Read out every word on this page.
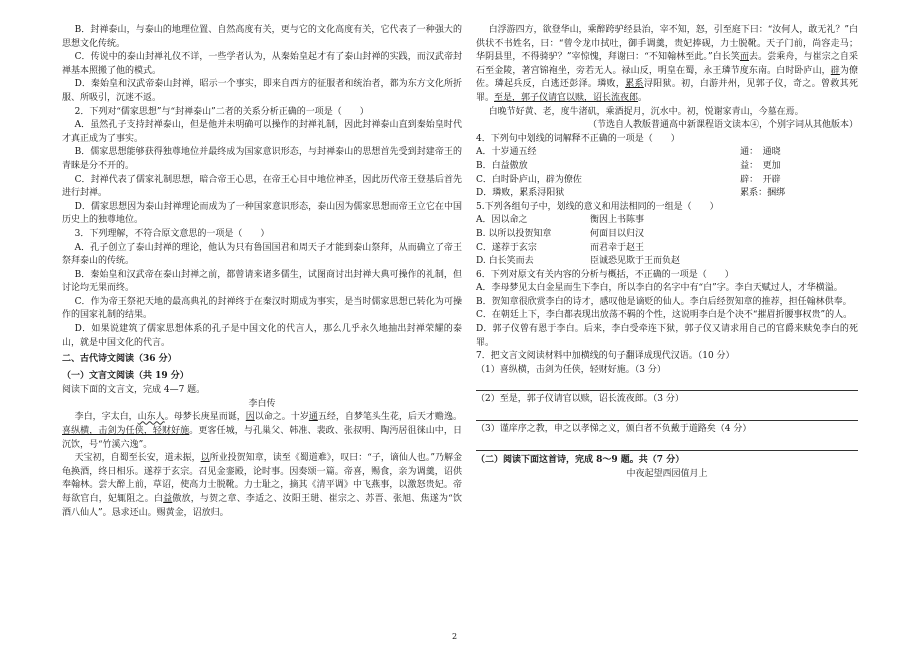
B．封禅泰山，与泰山的地理位置、自然高度有关，更与它的文化高度有关，它代表了一种强大的思想文化传统。

C．传说中的泰山封禅礼仪不详，一些学者认为，从秦始皇起才有了泰山封禅的实践，而汉武帝封禅基本照搬了他的模式。

D．秦始皇和汉武帝泰山封禅，昭示一个事实，即来自西方的征服者和统治者，都为东方文化所折服、所吸引，沉迷不返。

2．下列对“儒家思想”与“封禅泰山”二者的关系分析正确的一项是（　　）

A．虽然孔子支持封禅泰山，但是他并未明确可以操作的封禅礼制，因此封禅泰山直到秦始皇时代才真正成为了事实。

B．儒家思想能够获得独尊地位并最终成为国家意识形态，与封禅泰山的思想首先受到封建帝王的青睐是分不开的。

C．封禅代表了儒家礼制思想，暗合帝王心思，在帝王心目中地位神圣，因此历代帝王登基后首先进行封禅。

D．儒家思想因为泰山封禅理论而成为了一种国家意识形态，泰山因为儒家思想而帝王立它在中国历史上的独尊地位。

3．下列理解，不符合原文意思的一项是（　　）

A．孔子创立了泰山封禅的理论，他认为只有鲁国国君和周天子才能到泰山祭拜，从而确立了帝王祭拜泰山的传统。

B．秦始皇和汉武帝在泰山封禅之前，都曾请来诸多儒生，试图商讨出封禅大典可操作的礼制，但讨论均无果而终。

C．作为帝王祭祀天地的最高典礼的封禅终于在秦汉时期成为事实，是当时儒家思想已转化为可操作的国家礼制的结果。

D．如果说建筑了儒家思想体系的孔子是中国文化的代言人，那么几乎永久地抽出封禅荣耀的泰山，就是中国文化的代言。

二、古代诗文阅读（36 分）

（一）文言文阅读（共 19 分）

阅读下面的文言文，完成 4—7 题。

李白传

李白，字太白，山东人。母梦长庚星而诞，因以命之。十岁通五经，自梦笔头生花，后天才赡逸。喜纵横，击剑为任侠，轻财好施。更客任城，与孔巢父、韩准、裴政、张叔明、陶沔居徂徕山中，日沉饮，号“竹溪六逸”。

天宝初，自蜀至长安，道未振，以所业投贺知章，读至《蜀道难》，叹曰：“子，谪仙人也。”乃解金龟换酒，终日相乐。遂荐于玄宗。召见金銮殿，论时事。因奏颂一篇。帝喜，赐食，亲为调羹，诏供奉翰林。尝大醉上前，草诏，使高力士脱靴。力士耻之，摘其《清平调》中飞燕事，以激怒贵妃。帝每欲官白，妃辄阻之。白益傲放，与贺之章、李适之、汝阳王琎、崔宗之、苏晋、张旭、焦遂为“饮酒八仙人”。恳求还山。赐黄金，诏放归。

白浮游四方，欲登华山，乘醉跨驴经县治，宰不知，怒，引至庭下曰：“汝何人，敢无礼？”白供状不书姓名，曰：“曾令龙巾拭吐，御手调羹，贵妃捧砚，力士脱靴。天子门前，尚容走马；华阴县里，不得骑驴？”宰惊愧，拜谢曰：“不知翰林至此。”白长笑而去。尝乘舟，与崔宗之自采石至金陵，著宫锦袍坐，旁若无人。禄山反，明皇在蜀，永王璘节度东南。白时卧庐山，辟为僚佐。璘起兵反，白逃还彭泽。璘败，累系浔阳狱。初，白游并州，见郭子仪，奇之。曾救其死罪。至是，郭子仪请官以赎，诏长流夜郎。

白晚节好黄、老，度牛渚矶，乘酒捉月，沉水中。初，悦谢家青山，今墓在焉。

（节选自人教版普通高中新课程语文读本④，个别字词从其他版本）

4．下列句中划线的词解释不正确的一项是（　　）

A．十岁通五经	通：　通晓
B．白益傲放	益：　更加
C．白时卧庐山，辟为僚佐	辟：　开辟
D．璘败，累系浔阳狱	累系：捆绑

5.下列各组句子中，划线的意义和用法相同的一组是（　　）

A．因以命之	衡因上书陈事
B. 以所以投贺知章	何面目以归汉
C．遂荐于玄宗	而君幸于赵王
D. 白长笑而去	臣诚恐见欺于王而负赵

6．下列对原文有关内容的分析与概括，不正确的一项是（　　）

A．李母梦见太白金星而生下李白，所以李白的名字中有“白”字。李白天赋过人，才华横溢。

B．贺知章很欣赏李白的诗才，感叹他是谪贬的仙人。李白后经贺知章的推荐，担任翰林供奉。

C．在朝廷上下，李白都表现出放荡不羁的个性，这说明李白是个决不“摧眉折腰事权贵”的人。

D．郭子仪曾有恩于李白。后来，李白受牵连下狱，郭子仪又请求用自己的官爵来赎免李白的死罪。

7．把文言文阅读材料中加横线的句子翻译成现代汉语。（10 分）

（1）喜纵横，击剑为任侠，轻财好施。（3 分）

（2）至是，郭子仪请官以赎，诏长流夜郎。（3 分）

（3）谨庠序之教，申之以孝悌之义，颁白者不负戴于道路矣（4 分）

（二）阅读下面这首诗，完成 8～9 题。共（7 分）

中夜起望西园值月上

2
